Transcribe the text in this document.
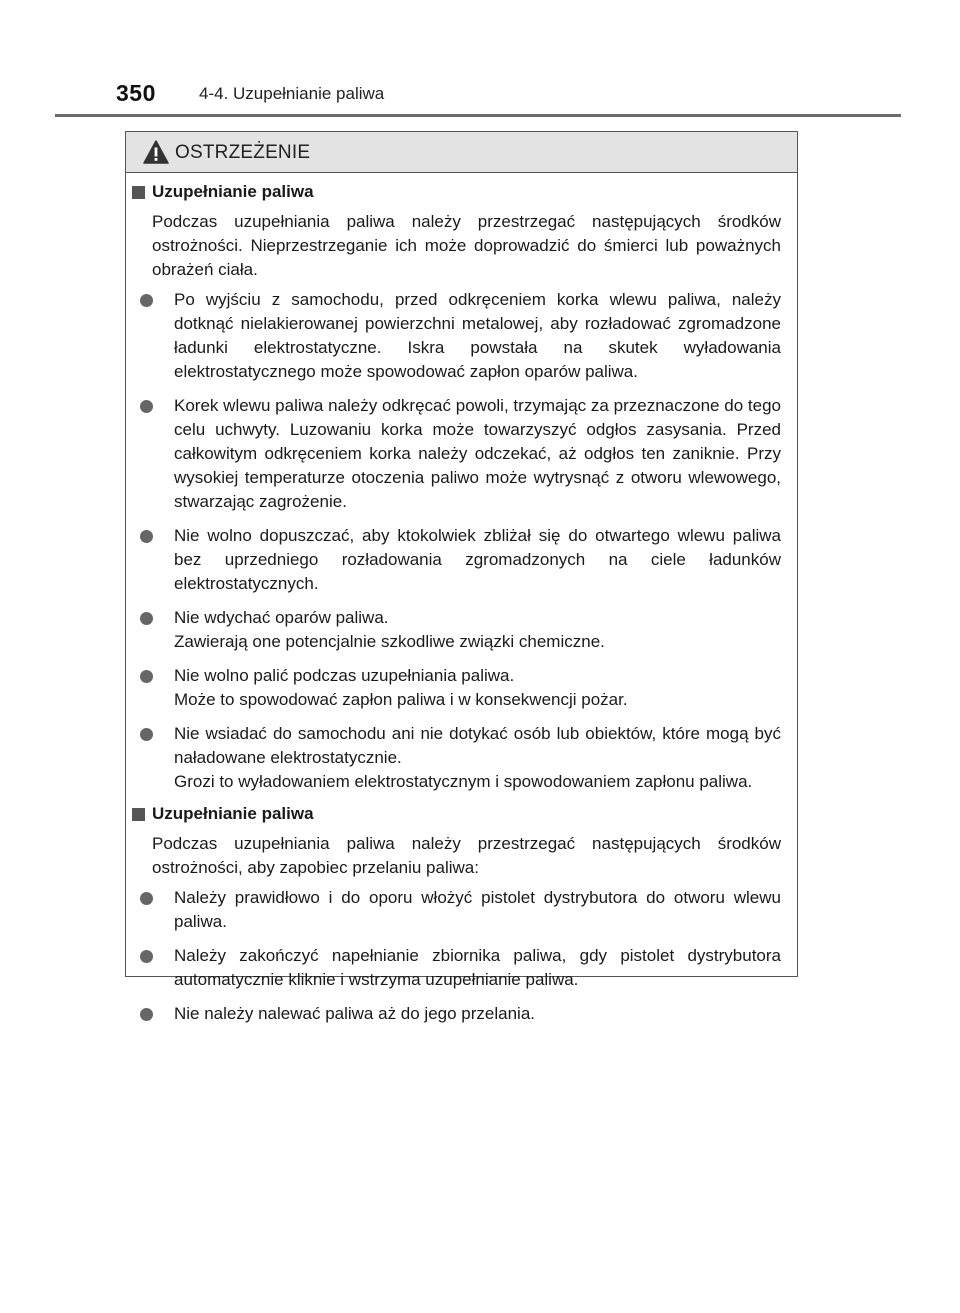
350	4-4. Uzupełnianie paliwa
OSTRZEŻENIE
Uzupełnianie paliwa
Podczas uzupełniania paliwa należy przestrzegać następujących środków ostrożności. Nieprzestrzeganie ich może doprowadzić do śmierci lub poważnych obrażeń ciała.
Po wyjściu z samochodu, przed odkręceniem korka wlewu paliwa, należy dotknąć nielakierowanej powierzchni metalowej, aby rozładować zgromadzone ładunki elektrostatyczne. Iskra powstała na skutek wyładowania elektrostatycznego może spowodować zapłon oparów paliwa.
Korek wlewu paliwa należy odkręcać powoli, trzymając za przeznaczone do tego celu uchwyty. Luzowaniu korka może towarzyszyć odgłos zasysania. Przed całkowitym odkręceniem korka należy odczekać, aż odgłos ten zaniknie. Przy wysokiej temperaturze otoczenia paliwo może wytrysnąć z otworu wlewowego, stwarzając zagrożenie.
Nie wolno dopuszczać, aby ktokolwiek zbliżał się do otwartego wlewu paliwa bez uprzedniego rozładowania zgromadzonych na ciele ładunków elektrostatycznych.
Nie wdychać oparów paliwa.
Zawierają one potencjalnie szkodliwe związki chemiczne.
Nie wolno palić podczas uzupełniania paliwa.
Może to spowodować zapłon paliwa i w konsekwencji pożar.
Nie wsiadać do samochodu ani nie dotykać osób lub obiektów, które mogą być naładowane elektrostatycznie.
Grozi to wyładowaniem elektrostatycznym i spowodowaniem zapłonu paliwa.
Uzupełnianie paliwa
Podczas uzupełniania paliwa należy przestrzegać następujących środków ostrożności, aby zapobiec przelaniu paliwa:
Należy prawidłowo i do oporu włożyć pistolet dystrybutora do otworu wlewu paliwa.
Należy zakończyć napełnianie zbiornika paliwa, gdy pistolet dystrybutora automatycznie kliknie i wstrzyma uzupełnianie paliwa.
Nie należy nalewać paliwa aż do jego przelania.
